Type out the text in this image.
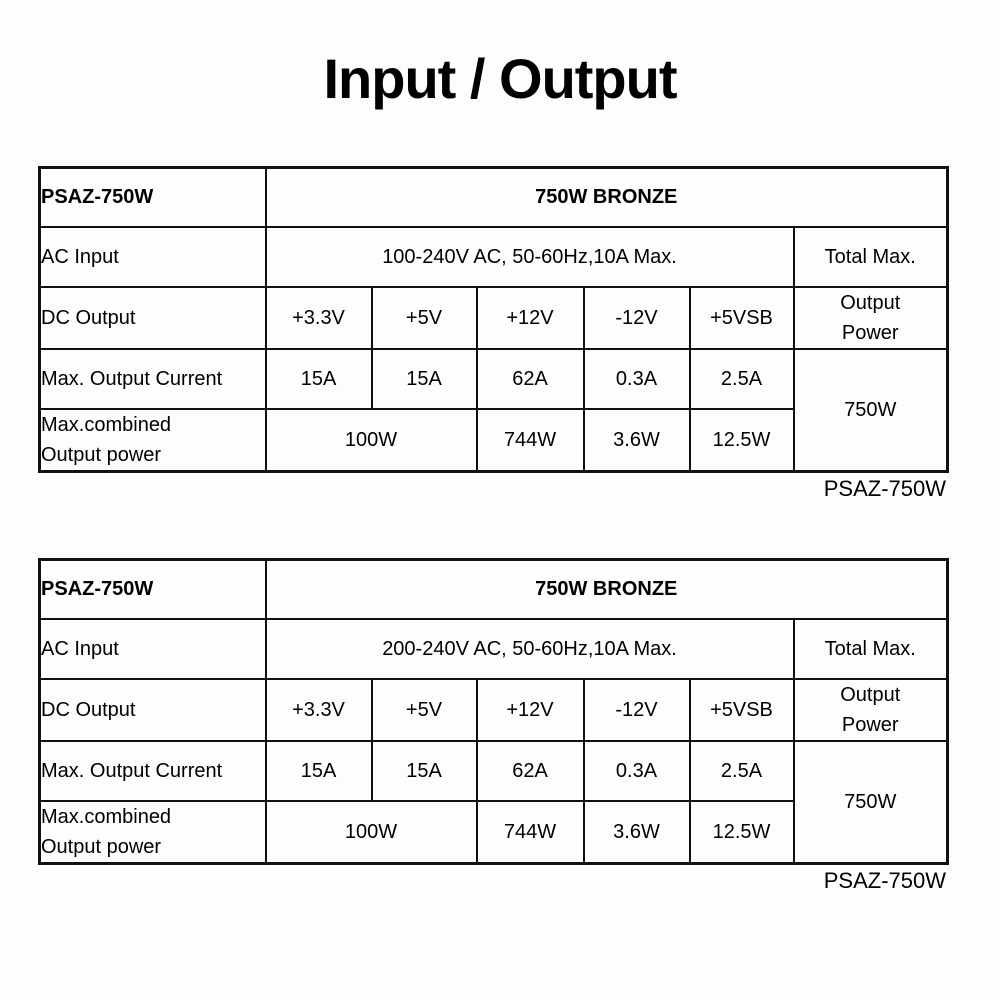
Input / Output
PSAZ-750W	750W BRONZE					
AC Input	100-240V AC, 50-60Hz,10A Max.					Total Max.
DC Output	+3.3V	+5V	+12V	-12V	+5VSB	Output
Power

Max. Output Current	15A	15A	62A	0.3A	2.5A	750W

Max.combined
Output power	100W		744W	3.6W	12.5W	
PSAZ-750W
PSAZ-750W	750W BRONZE					
AC Input	200-240V AC, 50-60Hz,10A Max.					Total Max.
DC Output	+3.3V	+5V	+12V	-12V	+5VSB	Output
Power

Max. Output Current	15A	15A	62A	0.3A	2.5A	750W

Max.combined
Output power	100W		744W	3.6W	12.5W	
PSAZ-750W
